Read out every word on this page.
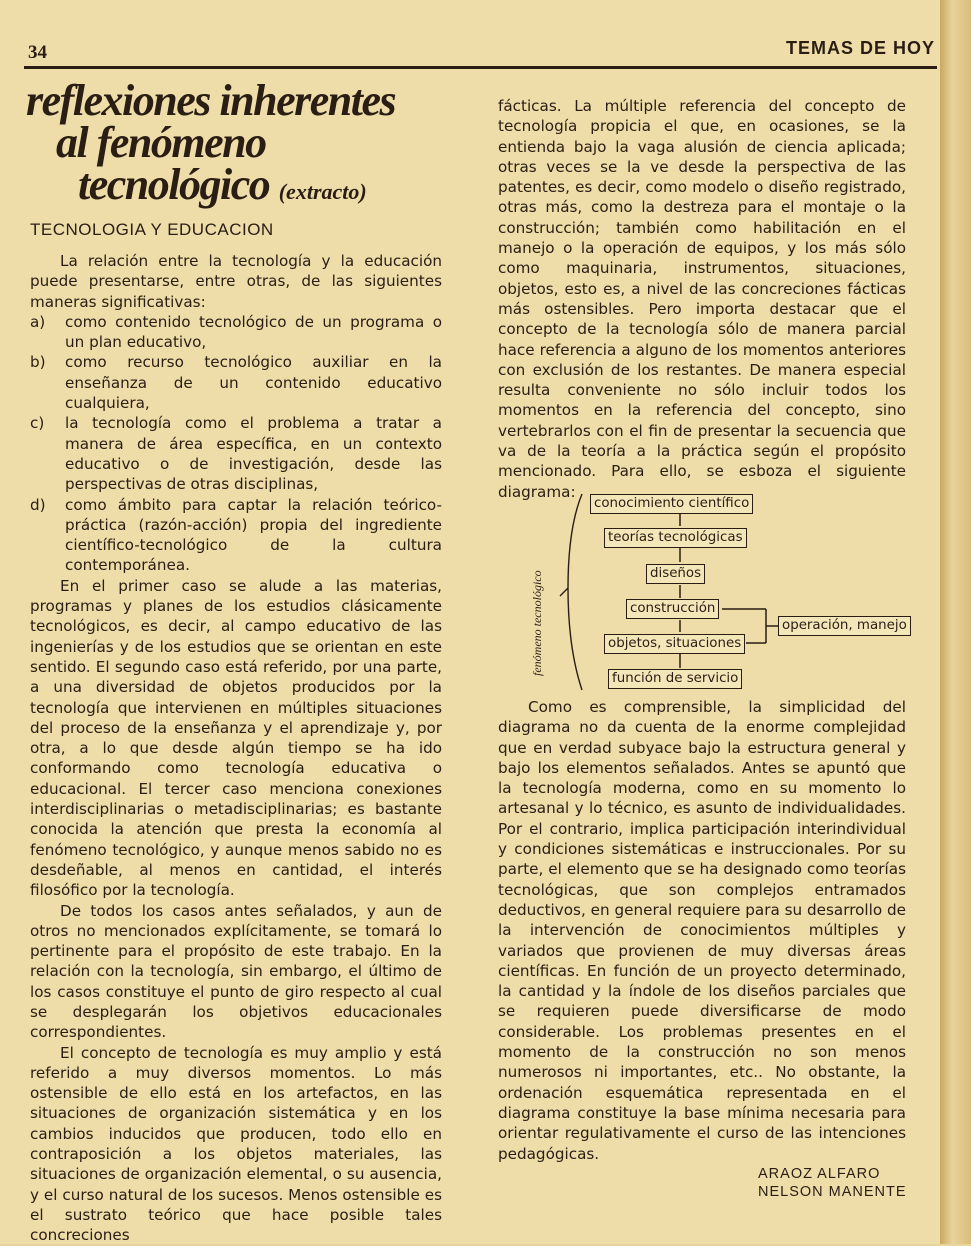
34	TEMAS DE HOY
reflexiones inherentes
al fenómeno
tecnológico (extracto)
TECNOLOGIA Y EDUCACION

La relación entre la tecnología y la educación puede presentarse, entre otras, de las siguientes maneras significativas:

a) como contenido tecnológico de un programa o un plan educativo,
b) como recurso tecnológico auxiliar en la enseñanza de un contenido educativo cualquiera,
c) la tecnología como el problema a tratar a manera de área específica, en un contexto educativo o de investigación, desde las perspectivas de otras disciplinas,
d) como ámbito para captar la relación teórico-práctica (razón-acción) propia del ingrediente científico-tecnológico de la cultura contemporánea.

En el primer caso se alude a las materias, programas y planes de los estudios clásicamente tecnológicos, es decir, al campo educativo de las ingenierías y de los estudios que se orientan en este sentido. El segundo caso está referido, por una parte, a una diversidad de objetos producidos por la tecnología que intervienen en múltiples situaciones del proceso de la enseñanza y el aprendizaje y, por otra, a lo que desde algún tiempo se ha ido conformando como tecnología educativa o educacional. El tercer caso menciona conexiones interdisciplinarias o metadisciplinarias; es bastante conocida la atención que presta la economía al fenómeno tecnológico, y aunque menos sabido no es desdeñable, al menos en cantidad, el interés filosófico por la tecnología.

De todos los casos antes señalados, y aun de otros no mencionados explícitamente, se tomará lo pertinente para el propósito de este trabajo. En la relación con la tecnología, sin embargo, el último de los casos constituye el punto de giro respecto al cual se desplegarán los objetivos educacionales correspondientes.

El concepto de tecnología es muy amplio y está referido a muy diversos momentos. Lo más ostensible de ello está en los artefactos, en las situaciones de organización sistemática y en los cambios inducidos que producen, todo ello en contraposición a los objetos materiales, las situaciones de organización elemental, o su ausencia, y el curso natural de los sucesos. Menos ostensible es el sustrato teórico que hace posible tales concreciones

fácticas. La múltiple referencia del concepto de tecnología propicia el que, en ocasiones, se la entienda bajo la vaga alusión de ciencia aplicada; otras veces se la ve desde la perspectiva de las patentes, es decir, como modelo o diseño registrado, otras más, como la destreza para el montaje o la construcción; también como habilitación en el manejo o la operación de equipos, y los más sólo como maquinaria, instrumentos, situaciones, objetos, esto es, a nivel de las concreciones fácticas más ostensibles. Pero importa destacar que el concepto de la tecnología sólo de manera parcial hace referencia a alguno de los momentos anteriores con exclusión de los restantes. De manera especial resulta conveniente no sólo incluir todos los momentos en la referencia del concepto, sino vertebrarlos con el fin de presentar la secuencia que va de la teoría a la práctica según el propósito mencionado. Para ello, se esboza el siguiente diagrama:

fenómeno tecnológico
conocimiento científico
teorías tecnológicas
diseños
construcción
objetos, situaciones
función de servicio
operación, manejo

Como es comprensible, la simplicidad del diagrama no da cuenta de la enorme complejidad que en verdad subyace bajo la estructura general y bajo los elementos señalados. Antes se apuntó que la tecnología moderna, como en su momento lo artesanal y lo técnico, es asunto de individualidades. Por el contrario, implica participación interindividual y condiciones sistemáticas e instruccionales. Por su parte, el elemento que se ha designado como teorías tecnológicas, que son complejos entramados deductivos, en general requiere para su desarrollo de la intervención de conocimientos múltiples y variados que provienen de muy diversas áreas científicas. En función de un proyecto determinado, la cantidad y la índole de los diseños parciales que se requieren puede diversificarse de modo considerable. Los problemas presentes en el momento de la construcción no son menos numerosos ni importantes, etc.. No obstante, la ordenación esquemática representada en el diagrama constituye la base mínima necesaria para orientar regulativamente el curso de las intenciones pedagógicas.

ARAOZ ALFARO
NELSON MANENTE
